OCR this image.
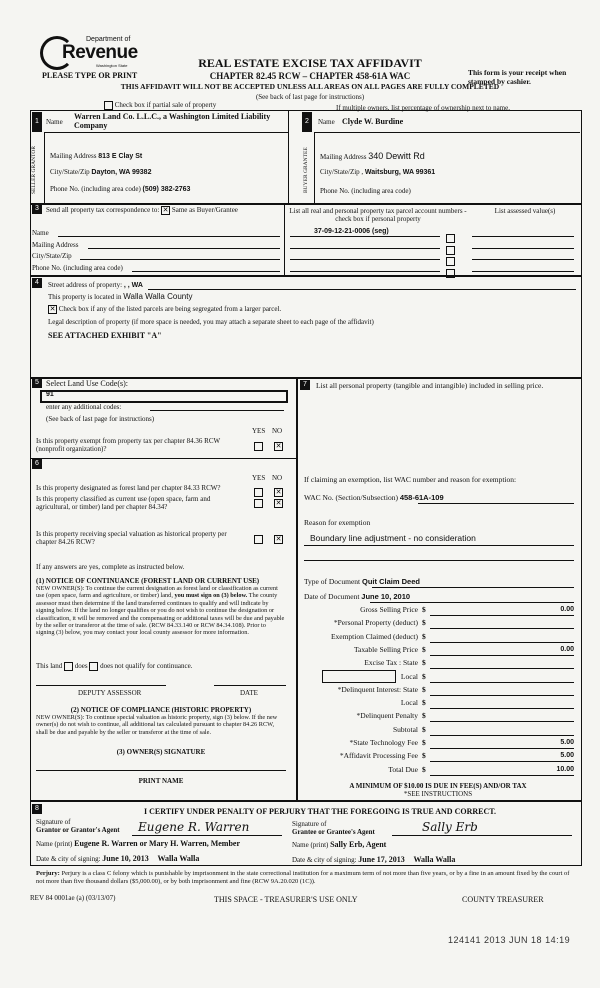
Department of
Revenue
Washington State
PLEASE TYPE OR PRINT
REAL ESTATE EXCISE TAX AFFIDAVIT
CHAPTER 82.45 RCW – CHAPTER 458-61A WAC	This form is your receipt when stamped by cashier.
THIS AFFIDAVIT WILL NOT BE ACCEPTED UNLESS ALL AREAS ON ALL PAGES ARE FULLY COMPLETED
(See back of last page for instructions)
Check box if partial sale of property	If multiple owners, list percentage of ownership next to name.
1	Name
Warren Land Co. L.L.C., a Washington Limited Liability Company
SELLER GRANTOR	Mailing Address 813 E Clay St
City/State/Zip Dayton, WA 99382
Phone No. (including area code) (509) 382-2763
2	Name Clyde W. Burdine
BUYER GRANTEE	Mailing Address 340 Dewitt Rd
City/State/Zip , Waitsburg, WA 99361
Phone No. (including area code)
3	Send all property tax correspondence to: ✕ Same as Buyer/Grantee
Name
Mailing Address
City/State/Zip
Phone No. (including area code)
List all real and personal property tax parcel account numbers - check box if personal property
List assessed value(s)
37-09-12-21-0006 (seg)
4	Street address of property: , , WA
This property is located in Walla Walla County
✕ Check box if any of the listed parcels are being segregated from a larger parcel.
Legal description of property (if more space is needed, you may attach a separate sheet to each page of the affidavit)
SEE ATTACHED EXHIBIT "A"
5 Select Land Use Code(s):
91
enter any additional codes:
(See back of last page for instructions)
YES NO
Is this property exempt from property tax per chapter 84.36 RCW (nonprofit organization)?	✕
6
YES NO
Is this property designated as forest land per chapter 84.33 RCW?	✕
Is this property classified as current use (open space, farm and agricultural, or timber) land per chapter 84.34?
✕
Is this property receiving special valuation as historical property per chapter 84.26 RCW?	✕
If any answers are yes, complete as instructed below.
(1) NOTICE OF CONTINUANCE (FOREST LAND OR CURRENT USE)
NEW OWNER(S): To continue the current designation as forest land or classification as current use (open space, farm and agriculture, or timber) land, you must sign on (3) below. The county assessor must then determine if the land transferred continues to qualify and will indicate by signing below. If the land no longer qualifies or you do not wish to continue the designation or classification, it will be removed and the compensating or additional taxes will be due and payable by the seller or transferor at the time of sale. (RCW 84.33.140 or RCW 84.34.108). Prior to signing (3) below, you may contact your local county assessor for more information.
This land does does not qualify for continuance.
DEPUTY ASSESSOR	DATE
(2) NOTICE OF COMPLIANCE (HISTORIC PROPERTY)
NEW OWNER(S): To continue special valuation as historic property, sign (3) below. If the new owner(s) do not wish to continue, all additional tax calculated pursuant to chapter 84.26 RCW, shall be due and payable by the seller or transferor at the time of sale.
(3) OWNER(S) SIGNATURE
PRINT NAME
7	List all personal property (tangible and intangible) included in selling price.
If claiming an exemption, list WAC number and reason for exemption:
WAC No. (Section/Subsection) 458-61A-109
Reason for exemption
Boundary line adjustment - no consideration
Type of Document Quit Claim Deed
Date of Document June 10, 2010
Gross Selling Price $	0.00
*Personal Property (deduct) $
Exemption Claimed (deduct) $
Taxable Selling Price $	0.00
Excise Tax : State $
Local $
*Delinquent Interest: State $
Local $
*Delinquent Penalty $
Subtotal $
*State Technology Fee $	5.00
*Affidavit Processing Fee $	5.00
Total Due $	10.00
A MINIMUM OF $10.00 IS DUE IN FEE(S) AND/OR TAX
*SEE INSTRUCTIONS
8	I CERTIFY UNDER PENALTY OF PERJURY THAT THE FOREGOING IS TRUE AND CORRECT.
Signature of
Grantor or Grantor's Agent Eugene R. Warren
Name (print) Eugene R. Warren or Mary H. Warren, Member
Date & city of signing: June 10, 2013 Walla Walla
Signature of
Grantee or Grantee's Agent	Sally Erb
Name (print) Sally Erb, Agent
Date & city of signing: June 17, 2013 Walla Walla
Perjury: Perjury is a class C felony which is punishable by imprisonment in the state correctional institution for a maximum term of not more than five years, or by a fine in an amount fixed by the court of not more than five thousand dollars ($5,000.00), or by both imprisonment and fine (RCW 9A.20.020 (1C)).
REV 84 0001ae (a) (03/13/07)	THIS SPACE - TREASURER'S USE ONLY	COUNTY TREASURER
124141 2013 JUN 18 14:19
